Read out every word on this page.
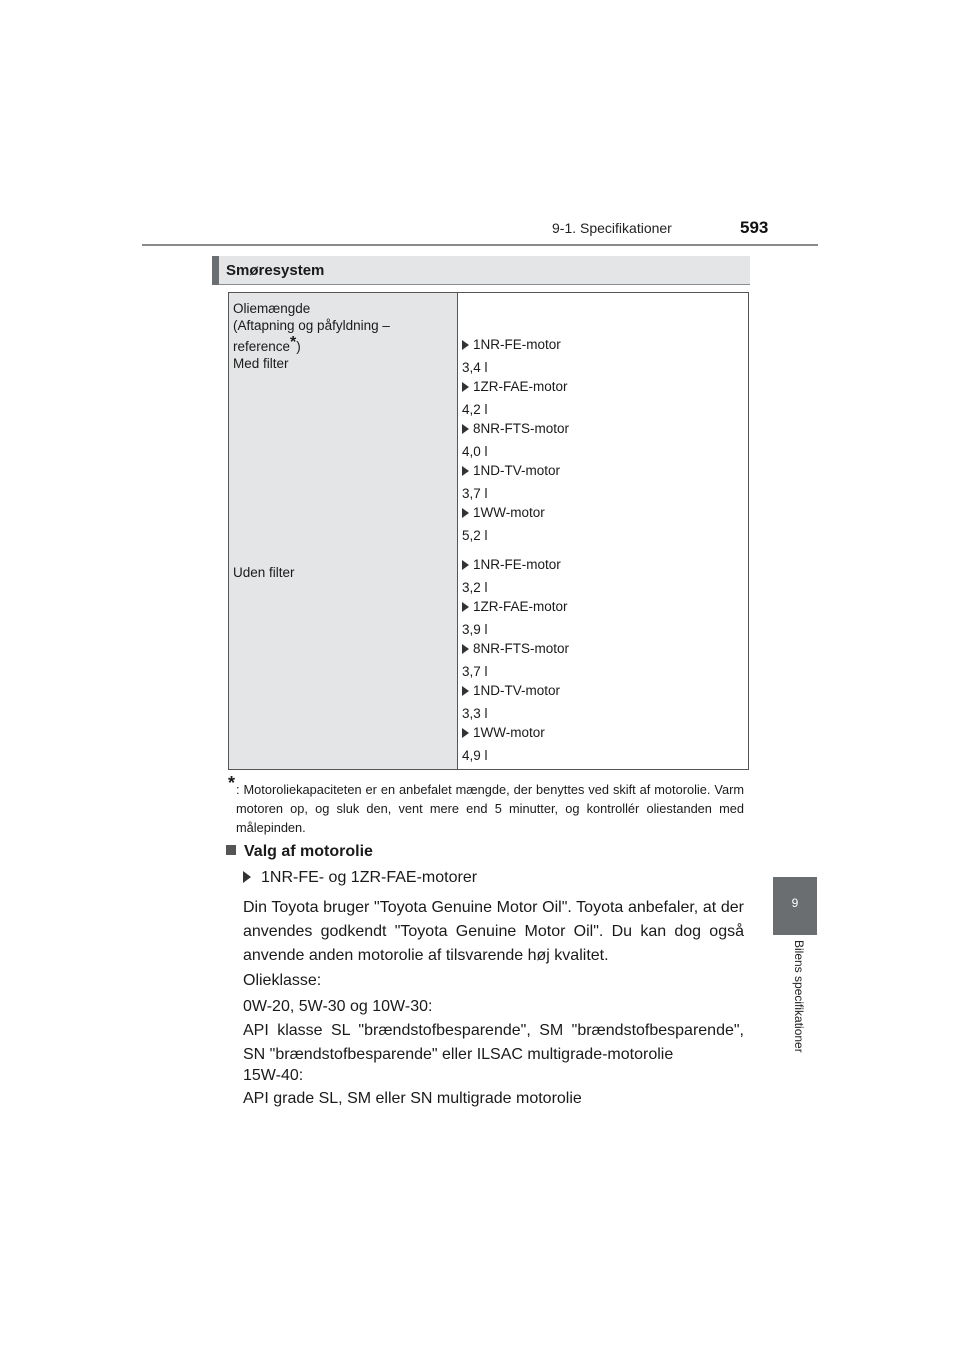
9-1. Specifikationer	593
9
Bilens specifikationer
Smøresystem
Oliemængde
(Aftapning og påfyldning –
reference*)
Med filter
Uden filter
1NR-FE-motor
3,4 l
1ZR-FAE-motor
4,2 l
8NR-FTS-motor
4,0 l
1ND-TV-motor
3,7 l
1WW-motor
5,2 l
1NR-FE-motor
3,2 l
1ZR-FAE-motor
3,9 l
8NR-FTS-motor
3,7 l
1ND-TV-motor
3,3 l
1WW-motor
4,9 l
* : Motoroliekapaciteten er en anbefalet mængde, der benyttes ved skift af motorolie. Varm motoren op, og sluk den, vent mere end 5 minutter, og kontrollér oliestanden med målepinden.
Valg af motorolie
1NR-FE- og 1ZR-FAE-motorer
Din Toyota bruger "Toyota Genuine Motor Oil". Toyota anbefaler, at der anvendes godkendt "Toyota Genuine Motor Oil". Du kan dog også anvende anden motorolie af tilsvarende høj kvalitet.
Olieklasse:
0W-20, 5W-30 og 10W-30:
API klasse SL "brændstofbesparende", SM "brændstofbesparende", SN "brændstofbesparende" eller ILSAC multigrade-motorolie
15W-40:
API grade SL, SM eller SN multigrade motorolie
